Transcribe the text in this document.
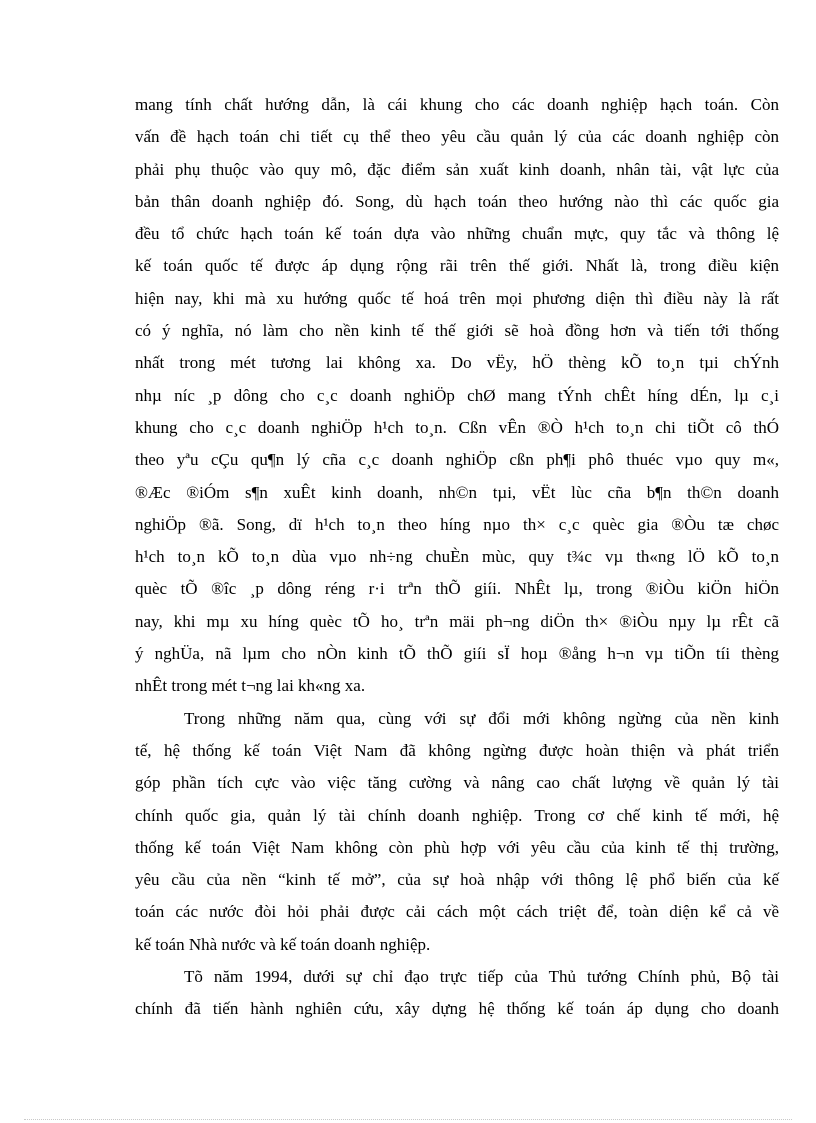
mang tính chất hướng dẫn, là cái khung cho các doanh nghiệp hạch toán. Còn
vấn đề hạch toán chi tiết cụ thể theo yêu cầu quản lý của các doanh nghiệp còn
phải phụ thuộc vào quy mô, đặc điểm sản xuất kinh doanh, nhân tài, vật lực của
bản thân doanh nghiệp đó. Song, dù hạch toán theo hướng nào thì các quốc gia
đều tổ chức hạch toán kế toán dựa vào những chuẩn mực, quy tắc và thông lệ
kế toán quốc tế được áp dụng rộng rãi trên thế giới. Nhất là, trong điều kiện
hiện nay, khi mà xu hướng quốc tế hoá trên mọi phương diện thì điều này là rất
có ý nghĩa, nó làm cho nền kinh tế thế giới sẽ hoà đồng hơn và tiến tới thống
nhất trong mét tương lai không xa. Do vËy, hÖ thèng kÕ to¸n tµi chÝnh
nhµ níc ¸p dông cho c¸c doanh nghiÖp chØ mang tÝnh chÊt híng dÉn, lµ c¸i
khung cho c¸c doanh nghiÖp h¹ch to¸n. Cßn vÊn ®Ò h¹ch to¸n chi tiÕt cô thÓ
theo yªu cÇu qu¶n lý cña c¸c doanh nghiÖp cßn ph¶i phô thuéc vµo quy m«,
®Æc ®iÓm s¶n xuÊt kinh doanh, nh©n tµi, vËt lùc cña b¶n th©n doanh
nghiÖp ®ã. Song, dï h¹ch to¸n theo híng nµo th× c¸c quèc gia ®Òu tæ chøc
h¹ch to¸n kÕ to¸n dùa vµo nh÷ng chuÈn mùc, quy t¾c vµ th«ng lÖ kÕ to¸n
quèc tÕ ®îc ¸p dông réng r·i trªn thÕ giíi. NhÊt lµ, trong ®iÒu kiÖn hiÖn
nay, khi mµ xu híng quèc tÕ ho¸ trªn mäi ph¬ng diÖn th× ®iÒu nµy lµ rÊt cã
ý nghÜa, nã lµm cho nÒn kinh tÕ thÕ giíi sÏ hoµ ®ång h¬n vµ tiÕn tíi thèng
nhÊt trong mét t¬ng lai kh«ng xa.

Trong những năm qua, cùng với sự đổi mới không ngừng của nền kinh
tế, hệ thống kế toán Việt Nam đã không ngừng được hoàn thiện và phát triển
góp phần tích cực vào việc tăng cường và nâng cao chất lượng về quản lý tài
chính quốc gia, quản lý tài chính doanh nghiệp. Trong cơ chế kinh tế mới, hệ
thống kế toán Việt Nam không còn phù hợp với yêu cầu của kinh tế thị trường,
yêu cầu của nền “kinh tế mở”, của sự hoà nhập với thông lệ phổ biến của kế
toán các nước đòi hỏi phải được cải cách một cách triệt để, toàn diện kể cả về
kế toán Nhà nước và kế toán doanh nghiệp.

Tõ năm 1994, dưới sự chỉ đạo trực tiếp của Thủ tướng Chính phủ, Bộ tài
chính đã tiến hành nghiên cứu, xây dựng hệ thống kế toán áp dụng cho doanh
